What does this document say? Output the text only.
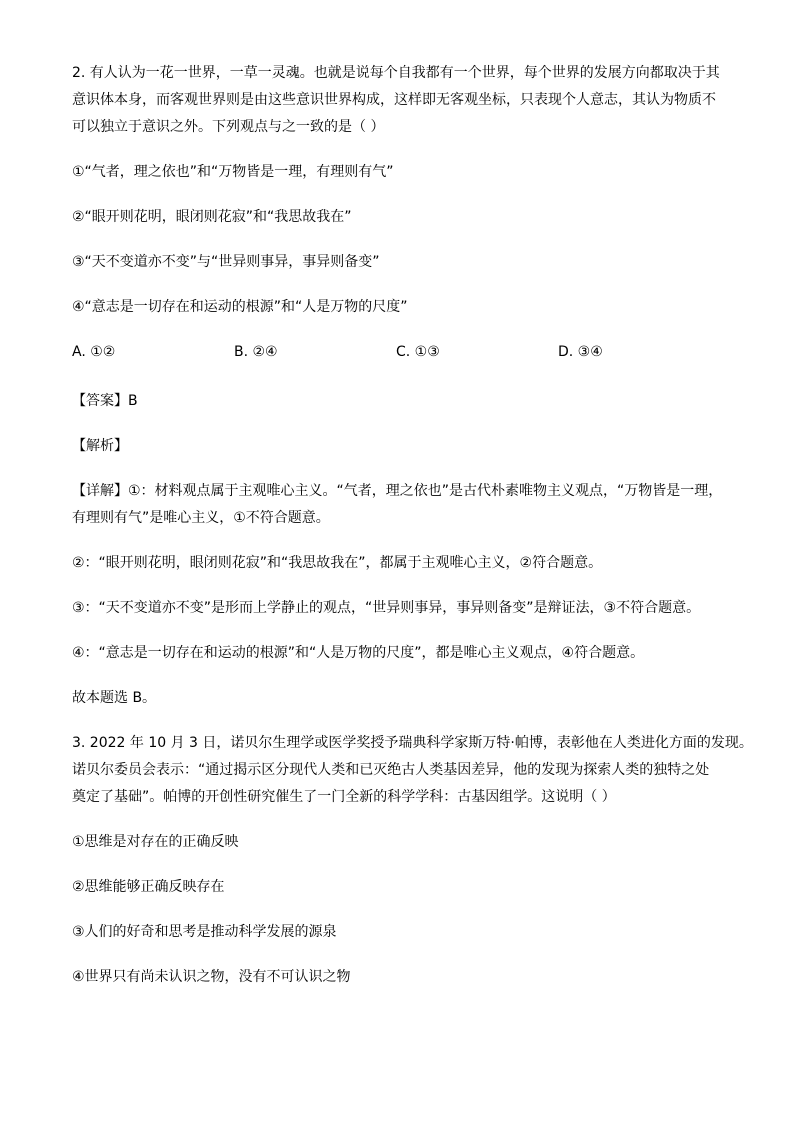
2. 有人认为一花一世界，一草一灵魂。也就是说每个自我都有一个世界，每个世界的发展方向都取决于其

意识体本身，而客观世界则是由这些意识世界构成，这样即无客观坐标，只表现个人意志，其认为物质不

可以独立于意识之外。下列观点与之一致的是（ ）

①“气者，理之依也”和“万物皆是一理，有理则有气”

②“眼开则花明，眼闭则花寂”和“我思故我在”

③“天不变道亦不变”与“世异则事异，事异则备变”

④“意志是一切存在和运动的根源”和“人是万物的尺度”

A. ①②	B. ②④	C. ①③	D. ③④

【答案】B

【解析】

【详解】①：材料观点属于主观唯心主义。“气者，理之依也”是古代朴素唯物主义观点，“万物皆是一理，

有理则有气”是唯心主义，①不符合题意。

②：“眼开则花明，眼闭则花寂”和“我思故我在”，都属于主观唯心主义，②符合题意。

③：“天不变道亦不变”是形而上学静止的观点，“世异则事异，事异则备变”是辩证法，③不符合题意。

④：“意志是一切存在和运动的根源”和“人是万物的尺度”，都是唯心主义观点，④符合题意。

故本题选 B。

3. 2022 年 10 月 3 日，诺贝尔生理学或医学奖授予瑞典科学家斯万特·帕博，表彰他在人类进化方面的发现。

诺贝尔委员会表示：“通过揭示区分现代人类和已灭绝古人类基因差异，他的发现为探索人类的独特之处

奠定了基础”。帕博的开创性研究催生了一门全新的科学学科：古基因组学。这说明（ ）

①思维是对存在的正确反映

②思维能够正确反映存在

③人们的好奇和思考是推动科学发展的源泉

④世界只有尚未认识之物，没有不可认识之物
